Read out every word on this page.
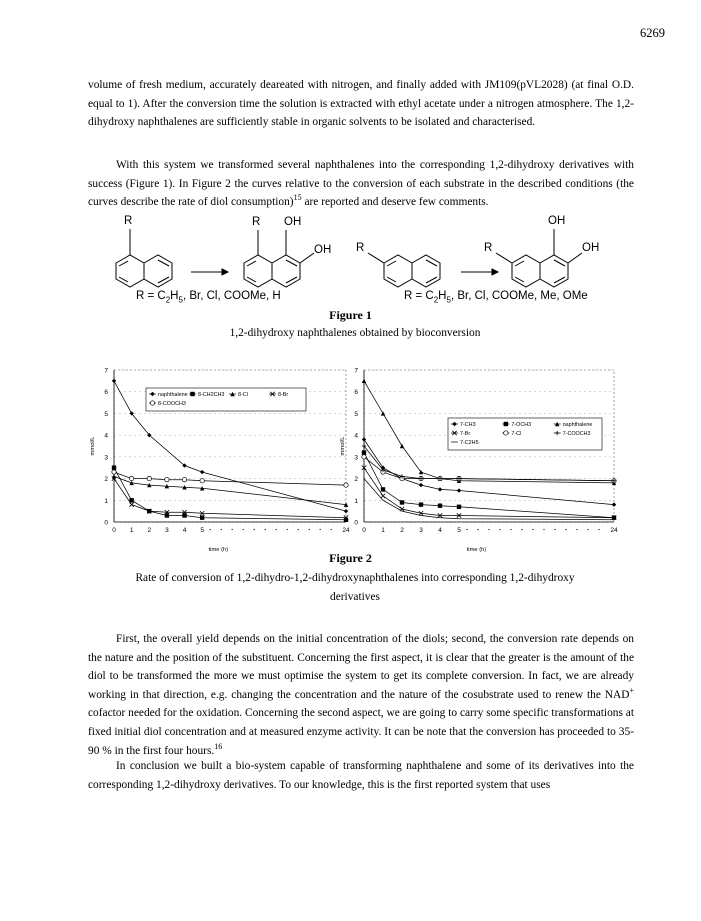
6269

volume of fresh medium, accurately deareated with nitrogen, and finally added with JM109(pVL2028) (at final O.D. equal to 1). After the conversion time the solution is extracted with ethyl acetate under a nitrogen atmosphere. The 1,2-dihydroxy naphthalenes are sufficiently stable in organic solvents to be isolated and characterised.

With this system we transformed several naphthalenes into the corresponding 1,2-dihydroxy derivatives with success (Figure 1). In Figure 2 the curves relative to the conversion of each substrate in the described conditions (the curves describe the rate of diol consumption)$^{15}$ are reported and deserve few comments.

R	R OH
OH R	R
OH
OH
$R = C_2H_5$, Br, Cl, COOMe, H	$R = C_2H_5$, Br, Cl, COOMe, Me, OMe
Figure 1
1,2-dihydroxy naphthalenes obtained by bioconversion
0
1
2
3
4
5
6
7
0 1 2 3 4 5	24
time (h)
mmol/L
naphthalene 8-CH2CH3	8-Cl	8-Br
8-COOCH3
0
1
2
3
4
5
6
7
0 1 2 3 4 5	24
time (h)
mmol/L
7-CH3	7-OCH3	naphthalene
7-Br	7-Cl	7-COOCH3
7-C2H5
Figure 2
Rate of conversion of 1,2-dihydro-1,2-dihydroxynaphthalenes into corresponding 1,2-dihydroxy derivatives

First, the overall yield depends on the initial concentration of the diols; second, the conversion rate depends on the nature and the position of the substituent. Concerning the first aspect, it is clear that the greater is the amount of the diol to be transformed the more we must optimise the system to get its complete conversion. In fact, we are already working in that direction, e.g. changing the concentration and the nature of the cosubstrate used to renew the NAD+ cofactor needed for the oxidation. Concerning the second aspect, we are going to carry some specific transformations at fixed initial diol concentration and at measured enzyme activity. It can be note that the conversion has proceeded to 35-90 % in the first four hours.$^{16}$

In conclusion we built a bio-system capable of transforming naphthalene and some of its derivatives into the corresponding 1,2-dihydroxy derivatives. To our knowledge, this is the first reported system that uses
